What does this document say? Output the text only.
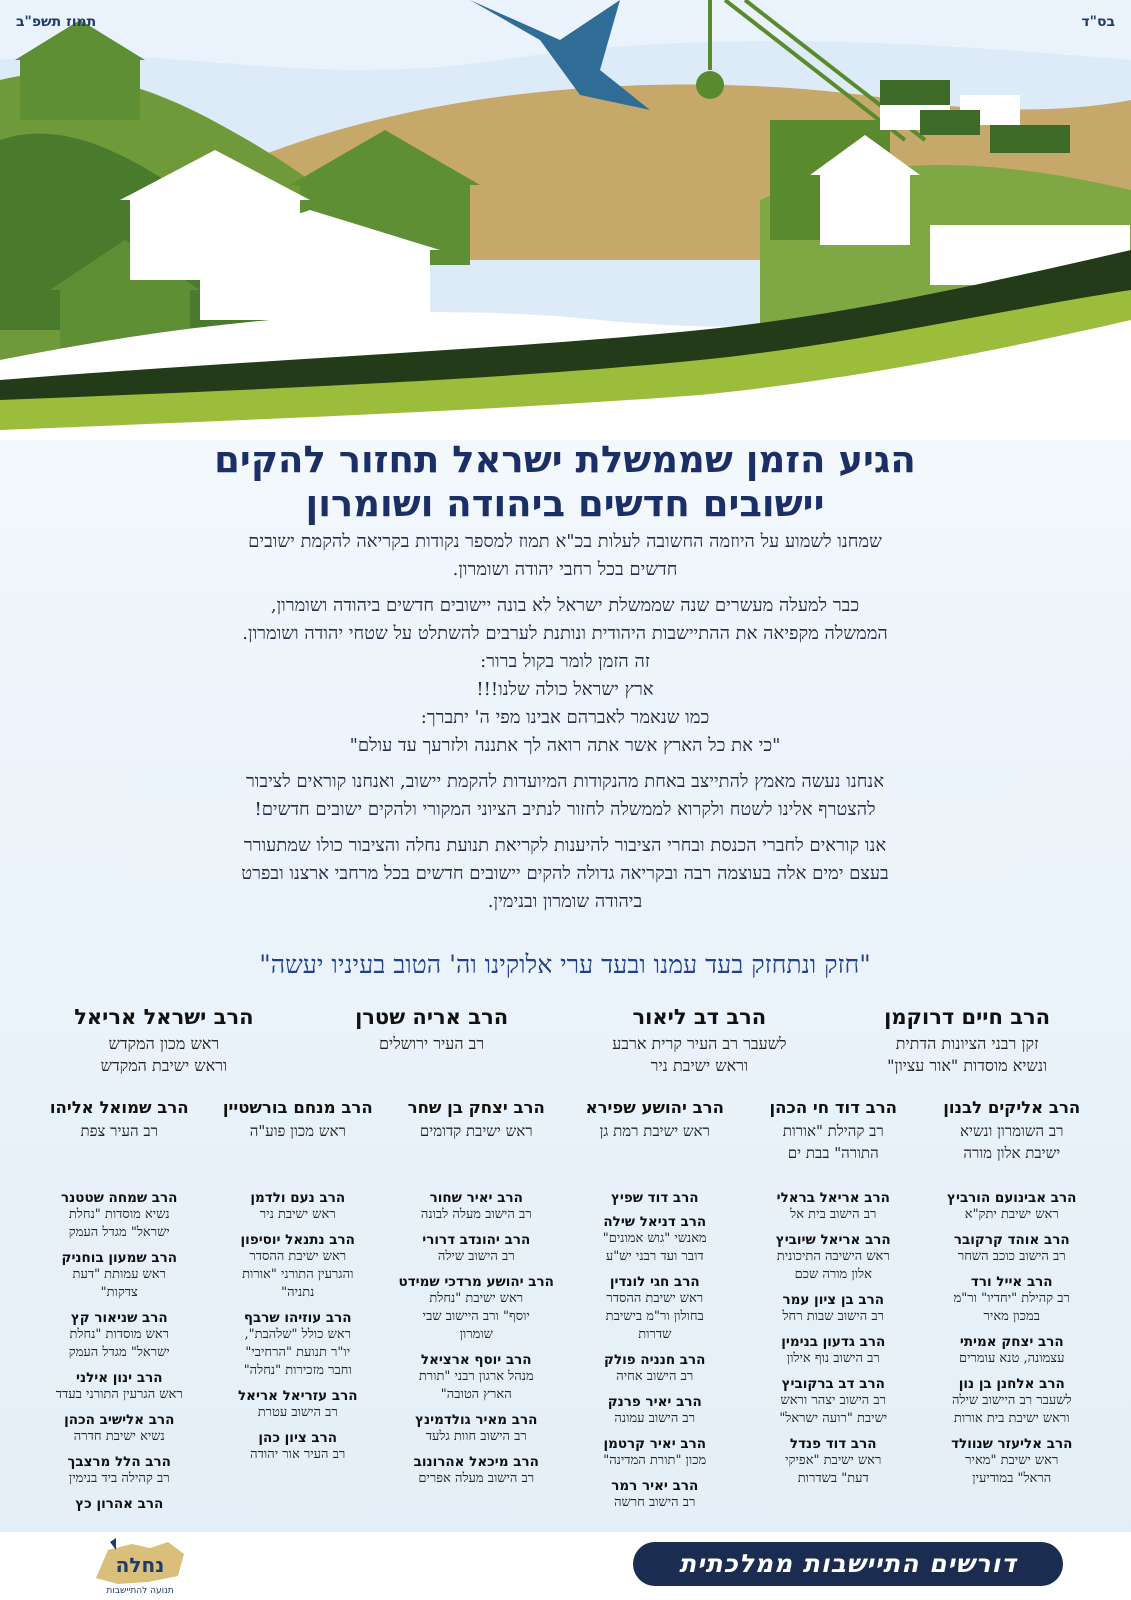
בס"ד
תמוז תשפ"ב
הגיע הזמן שממשלת ישראל תחזור להקים
יישובים חדשים ביהודה ושומרון

שמחנו לשמוע על היוזמה החשובה לעלות בכ"א תמוז למספר נקודות בקריאה להקמת ישובים
חדשים בכל רחבי יהודה ושומרון.

כבר למעלה מעשרים שנה שממשלת ישראל לא בונה יישובים חדשים ביהודה ושומרון,
הממשלה מקפיאה את ההתיישבות היהודית ונותנת לערבים להשתלט על שטחי יהודה ושומרון.
זה הזמן לומר בקול ברור:
ארץ ישראל כולה שלנו!!!
כמו שנאמר לאברהם אבינו מפי ה' יתברך:
"כי את כל הארץ אשר אתה רואה לך אתננה ולזרעך עד עולם"

אנחנו נעשה מאמץ להתייצב באחת מהנקודות המיועדות להקמת יישוב, ואנחנו קוראים לציבור
להצטרף אלינו לשטח ולקרוא לממשלה לחזור לנתיב הציוני המקורי ולהקים ישובים חדשים!

אנו קוראים לחברי הכנסת ובחרי הציבור להיענות לקריאת תנועת נחלה והציבור כולו שמתעורר
בעצם ימים אלה בעוצמה רבה ובקריאה גדולה להקים יישובים חדשים בכל מרחבי ארצנו ובפרט
ביהודה שומרון ובנימין.

"חזק ונתחזק בעד עמנו ובעד ערי אלוקינו וה' הטוב בעיניו יעשה"
הרב חיים דרוקמן
זקן רבני הציונות הדתית
ונשיא מוסדות "אור עציון"
הרב דב ליאור
לשעבר רב העיר קרית ארבע
וראש ישיבת ניר
הרב אריה שטרן
רב העיר ירושלים
הרב ישראל אריאל
ראש מכון המקדש
וראש ישיבת המקדש
הרב אליקים לבנון
רב השומרון ונשיא
ישיבת אלון מורה
הרב דוד חי הכהן
רב קהילת "אורות
התורה" בבת ים
הרב יהושע שפירא
ראש ישיבת רמת גן
הרב יצחק בן שחר
ראש ישיבת קדומים
הרב מנחם בורשטיין
ראש מכון פוע"ה
הרב שמואל אליהו
רב העיר צפת
הרב אבינועם הורביץ
ראש ישיבת יתק"א
הרב אוהד קרקובר
רב הישוב כוכב השחר
הרב אייל ורד
רב קהילת "יחדיו" ור"מ
במכון מאיר
הרב יצחק אמיתי
עצמונה, טנא עומרים
הרב אלחנן בן נון
לשעבר רב היישוב שילה
וראש ישיבת בית אורות
הרב אליעזר שנוולד
ראש ישיבת "מאיר
הראל" במודיעין
הרב אריאל בראלי
רב הישוב בית אל
הרב אריאל שיוביץ
ראש הישיבה התיכונית
אלון מורה שכם
הרב בן ציון עמר
רב הישוב שבות רחל
הרב גדעון בנימין
רב הישוב נוף אילון
הרב דב ברקוביץ
רב הישוב יצהר וראש
ישיבת "רועה ישראל"
הרב דוד פנדל
ראש ישיבת "אפיקי
דעת" בשדרות
הרב דוד שפיץ
הרב דניאל שילה
מאנשי "גוש אמונים"
דובר ועד רבני יש"ע
הרב חגי לונדין
ראש ישיבת ההסדר
בחולון ור"מ בישיבת
שדרות
הרב חנניה פולק
רב הישוב אחיה
הרב יאיר פרנק
רב הישוב עמונה
הרב יאיר קרטמן
מכון "תורת המדינה"
הרב יאיר רמר
רב הישוב חרשה
הרב יאיר שחור
רב הישוב מעלה לבונה
הרב יהונדב דרורי
רב הישוב שילה
הרב יהושע מרדכי שמידט
ראש ישיבת "נחלת
יוסף" ורב היישוב שבי
שומרון
הרב יוסף ארציאל
מנהל ארגון רבני "תורת
הארץ הטובה"
הרב מאיר גולדמינץ
רב הישוב חוות גלעד
הרב מיכאל אהרונוב
רב הישוב מעלה אפרים
הרב נעם ולדמן
ראש ישיבת ניר
הרב נתנאל יוסיפון
ראש ישיבת ההסדר
והגרעין התורני "אורות
נתניה"
הרב עוזיהו שרבף
ראש כולל "שלהבת",
יו"ר תנועת "הרחיבי"
וחבר מזכירות "נחלה"
הרב עזריאל אריאל
רב הישוב עטרת
הרב ציון כהן
רב העיר אור יהודה
הרב שמחה שטטנר
נשיא מוסדות "נחלת
ישראל" מגדל העמק
הרב שמעון בוחניק
ראש עמותת "דעת
צדקות"
הרב שניאור קץ
ראש מוסדות "נחלת
ישראל" מגדל העמק
הרב ינון אילני
ראש הגרעין התורני בעדד
הרב אלישיב הכהן
נשיא ישיבת חדרה
הרב הלל מרצבך
רב קהילה ביד בנימין
הרב אהרון כץ
דורשים התיישבות ממלכתית
נחלה
תנועה להתיישבות
